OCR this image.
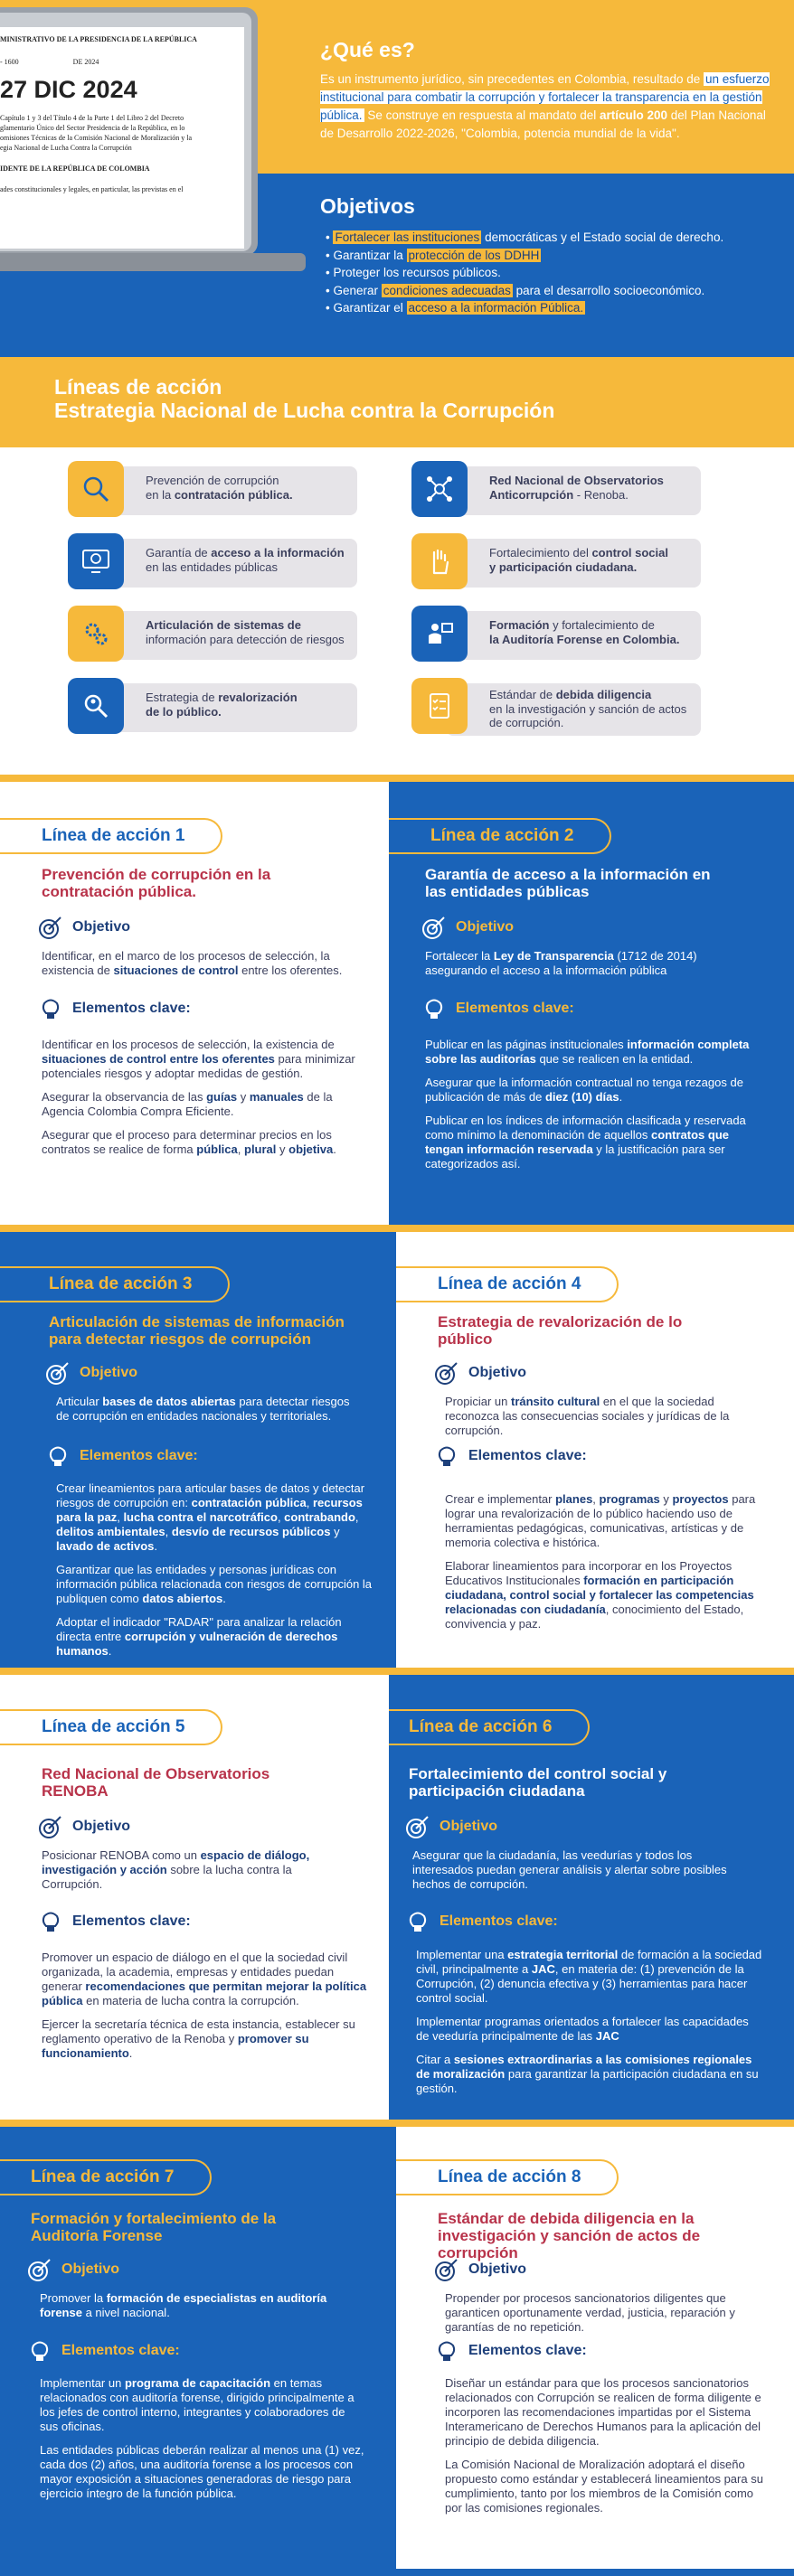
MINISTRATIVO DE LA PRESIDENCIA DE LA REPÚBLICA
- 1600	DE 2024
27 DIC 2024
Capítulo 1 y 3 del Título 4 de la Parte 1 del Libro 2 del Decreto
glamentario Único del Sector Presidencia de la República, en lo
omisiones Técnicas de la Comisión Nacional de Moralización y la
egia Nacional de Lucha Contra la Corrupción
IDENTE DE LA REPÚBLICA DE COLOMBIA
ades constitucionales y legales, en particular, las previstas en el
¿Qué es?
Es un instrumento jurídico, sin precedentes en Colombia, resultado de un esfuerzo institucional para combatir la corrupción y fortalecer la transparencia en la gestión pública. Se construye en respuesta al mandato del artículo 200 del Plan Nacional de Desarrollo 2022-2026, "Colombia, potencia mundial de la vida".
Objetivos
• Fortalecer las instituciones democráticas y el Estado social de derecho.
• Garantizar la protección de los DDHH
• Proteger los recursos públicos.
• Generar condiciones adecuadas para el desarrollo socioeconómico.
• Garantizar el acceso a la información Pública.
Líneas de acción
Estrategia Nacional de Lucha contra la Corrupción
Prevención de corrupción
en la contratación pública.
Red Nacional de Observatorios
Anticorrupción - Renoba.
Garantía de acceso a la información
en las entidades públicas
Fortalecimiento del control social
y participación ciudadana.
Articulación de sistemas de
información para detección de riesgos
Formación y fortalecimiento de
la Auditoría Forense en Colombia.
Estrategia de revalorización
de lo público.
Estándar de debida diligencia
en la investigación y sanción de actos de corrupción.
Línea de acción 1
Prevención de corrupción en la contratación pública.
Objetivo
Identificar, en el marco de los procesos de selección, la existencia de situaciones de control entre los oferentes.
Elementos clave:

Identificar en los procesos de selección, la existencia de situaciones de control entre los oferentes para minimizar potenciales riesgos y adoptar medidas de gestión.

Asegurar la observancia de las guías y manuales de la Agencia Colombia Compra Eficiente.

Asegurar que el proceso para determinar precios en los contratos se realice de forma pública, plural y objetiva.

Línea de acción 2
Garantía de acceso a la información en las entidades públicas
Objetivo
Fortalecer la Ley de Transparencia (1712 de 2014) asegurando el acceso a la información pública
Elementos clave:

Publicar en las páginas institucionales información completa sobre las auditorías que se realicen en la entidad.

Asegurar que la información contractual no tenga rezagos de publicación de más de diez (10) días.

Publicar en los índices de información clasificada y reservada como mínimo la denominación de aquellos contratos que tengan información reservada y la justificación para ser categorizados así.

Línea de acción 3
Articulación de sistemas de información para detectar riesgos de corrupción
Objetivo
Articular bases de datos abiertas para detectar riesgos de corrupción en entidades nacionales y territoriales.
Elementos clave:

Crear lineamientos para articular bases de datos y detectar riesgos de corrupción en: contratación pública, recursos para la paz, lucha contra el narcotráfico, contrabando, delitos ambientales, desvío de recursos públicos y lavado de activos.

Garantizar que las entidades y personas jurídicas con información pública relacionada con riesgos de corrupción la publiquen como datos abiertos.

Adoptar el indicador "RADAR" para analizar la relación directa entre corrupción y vulneración de derechos humanos.

Línea de acción 4
Estrategia de revalorización de lo público
Objetivo
Propiciar un tránsito cultural en el que la sociedad reconozca las consecuencias sociales y jurídicas de la corrupción.
Elementos clave:

Crear e implementar planes, programas y proyectos para lograr una revalorización de lo público haciendo uso de herramientas pedagógicas, comunicativas, artísticas y de memoria colectiva e histórica.

Elaborar lineamientos para incorporar en los Proyectos Educativos Institucionales formación en participación ciudadana, control social y fortalecer las competencias relacionadas con ciudadanía, conocimiento del Estado, convivencia y paz.

Línea de acción 5
Red Nacional de Observatorios RENOBA
Objetivo
Posicionar RENOBA como un espacio de diálogo, investigación y acción sobre la lucha contra la Corrupción.
Elementos clave:

Promover un espacio de diálogo en el que la sociedad civil organizada, la academia, empresas y entidades puedan generar recomendaciones que permitan mejorar la política pública en materia de lucha contra la corrupción.

Ejercer la secretaría técnica de esta instancia, establecer su reglamento operativo de la Renoba y promover su funcionamiento.

Línea de acción 6
Fortalecimiento del control social y participación ciudadana
Objetivo
Asegurar que la ciudadanía, las veedurías y todos los interesados puedan generar análisis y alertar sobre posibles hechos de corrupción.
Elementos clave:

Implementar una estrategia territorial de formación a la sociedad civil, principalmente a JAC, en materia de: (1) prevención de la Corrupción, (2) denuncia efectiva y (3) herramientas para hacer control social.

Implementar programas orientados a fortalecer las capacidades de veeduría principalmente de las JAC

Citar a sesiones extraordinarias a las comisiones regionales de moralización para garantizar la participación ciudadana en su gestión.

Línea de acción 7
Formación y fortalecimiento de la Auditoría Forense
Objetivo
Promover la formación de especialistas en auditoría forense a nivel nacional.
Elementos clave:

Implementar un programa de capacitación en temas relacionados con auditoría forense, dirigido principalmente a los jefes de control interno, integrantes y colaboradores de sus oficinas.

Las entidades públicas deberán realizar al menos una (1) vez, cada dos (2) años, una auditoría forense a los procesos con mayor exposición a situaciones generadoras de riesgo para ejercicio íntegro de la función pública.

Línea de acción 8
Estándar de debida diligencia en la investigación y sanción de actos de corrupción
Objetivo
Propender por procesos sancionatorios diligentes que garanticen oportunamente verdad, justicia, reparación y garantías de no repetición.
Elementos clave:

Diseñar un estándar para que los procesos sancionatorios relacionados con Corrupción se realicen de forma diligente e incorporen las recomendaciones impartidas por el Sistema Interamericano de Derechos Humanos para la aplicación del principio de debida diligencia.

La Comisión Nacional de Moralización adoptará el diseño propuesto como estándar y establecerá lineamientos para su cumplimiento, tanto por los miembros de la Comisión como por las comisiones regionales.
